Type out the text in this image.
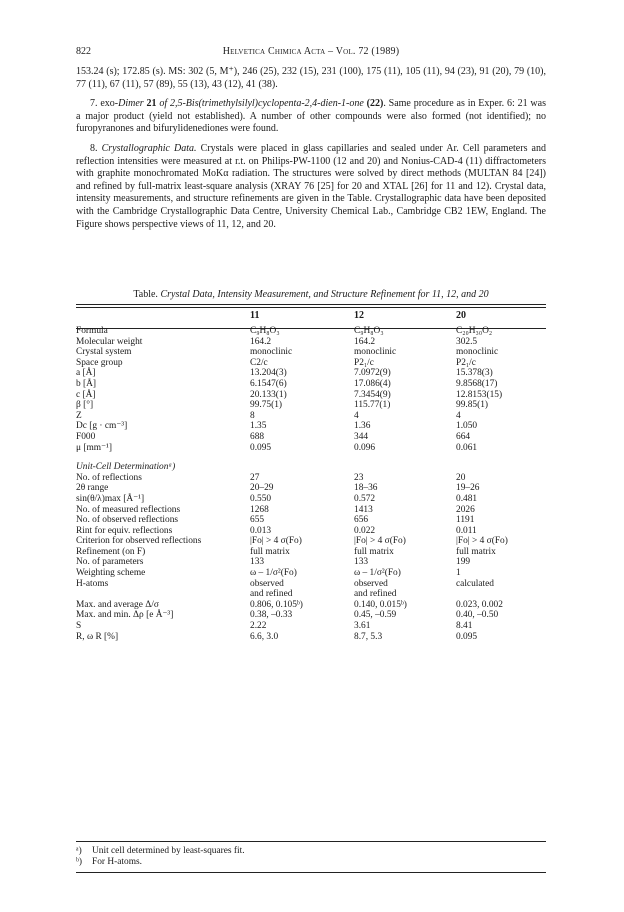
822	Helvetica Chimica Acta – Vol. 72 (1989)

153.24 (s); 172.85 (s). MS: 302 (5, M⁺), 246 (25), 232 (15), 231 (100), 175 (11), 105 (11), 94 (23), 91 (20), 79 (10), 77 (11), 67 (11), 57 (89), 55 (13), 43 (12), 41 (38).

7. exo-Dimer 21 of 2,5-Bis(trimethylsilyl)cyclopenta-2,4-dien-1-one (22). Same procedure as in Exper. 6: 21 was a major product (yield not established). A number of other compounds were also formed (not identified); no furopyranones and bifurylidenediones were found.

8. Crystallographic Data. Crystals were placed in glass capillaries and sealed under Ar. Cell parameters and reflection intensities were measured at r.t. on Philips-PW-1100 (12 and 20) and Nonius-CAD-4 (11) diffractometers with graphite monochromated MoKα radiation. The structures were solved by direct methods (MULTAN 84 [24]) and refined by full-matrix least-square analysis (XRAY 76 [25] for 20 and XTAL [26] for 11 and 12). Crystal data, intensity measurements, and structure refinements are given in the Table. Crystallographic data have been deposited with the Cambridge Crystallographic Data Centre, University Chemical Lab., Cambridge CB2 1EW, England. The Figure shows perspective views of 11, 12, and 20.

Table. Crystal Data, Intensity Measurement, and Structure Refinement for 11, 12, and 20
	11	12	20
Formula	C₉H₈O₃	C₉H₈O₃	C₂₀H₃₀O₂
Molecular weight	164.2	164.2	302.5
Crystal system	monoclinic	monoclinic	monoclinic
Space group	C2/c	P2₁/c	P2₁/c
a [Å]	13.204(3)	7.0972(9)	15.378(3)
b [Å]	6.1547(6)	17.086(4)	9.8568(17)
c [Å]	20.133(1)	7.3454(9)	12.8153(15)
β [°]	99.75(1)	115.77(1)	99.85(1)
Z	8	4	4
Dc [g · cm⁻³]	1.35	1.36	1.050
F000	688	344	664
μ [mm⁻¹]	0.095	0.096	0.061

Unit-Cell Determinationᵃ)			
No. of reflections	27	23	20
2θ range	20–29	18–36	19–26
sin(θ/λ)max [Å⁻¹]	0.550	0.572	0.481
No. of measured reflections	1268	1413	2026
No. of observed reflections	655	656	1191
Rint for equiv. reflections	0.013	0.022	0.011
Criterion for observed reflections	|Fo| > 4 σ(Fo)	|Fo| > 4 σ(Fo)	|Fo| > 4 σ(Fo)
Refinement (on F)	full matrix	full matrix	full matrix
No. of parameters	133	133	199
Weighting scheme	ω – 1/σ²(Fo)	ω – 1/σ²(Fo)	1
H-atoms	observed	observed	calculated
	and refined	and refined	
Max. and average Δ/σ	0.806, 0.105ᵇ)	0.140, 0.015ᵇ)	0.023, 0.002
Max. and min. Δρ [e Å⁻³]	0.38, –0.33	0.45, –0.59	0.40, –0.50
S	2.22	3.61	8.41
R, ω R [%]	6.6, 3.0	8.7, 5.3	0.095
ᵃ) Unit cell determined by least-squares fit.
ᵇ) For H-atoms.
